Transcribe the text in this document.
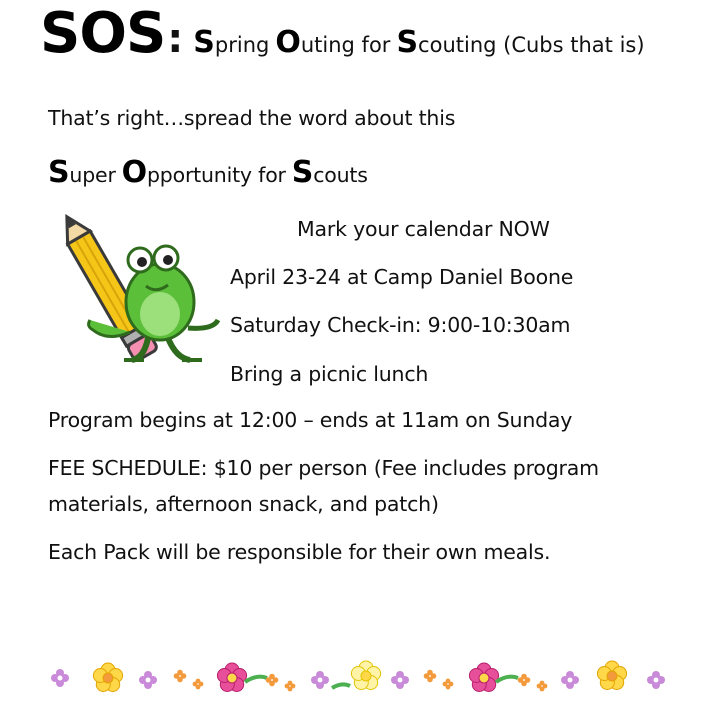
SOS : S pring O uting for S couting (Cubs that is)
That’s right…spread the word about this
S uper O pportunity for S couts
Mark your calendar NOW
April 23-24 at Camp Daniel Boone
Saturday Check-in: 9:00-10:30am
Bring a picnic lunch
Program begins at 12:00 – ends at 11am on Sunday
FEE SCHEDULE: $10 per person (Fee includes program
materials, afternoon snack, and patch)
Each Pack will be responsible for their own meals.
